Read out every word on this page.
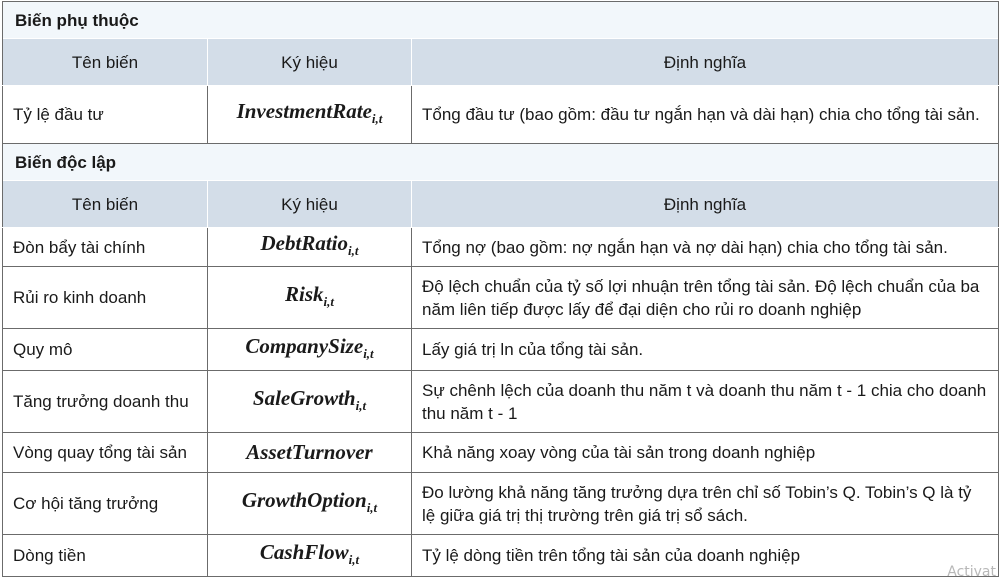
Biến phụ thuộc		
Tên biến	Ký hiệu	Định nghĩa
Tỷ lệ đầu tư	InvestmentRate$_{i,t}$	Tổng đầu tư (bao gồm: đầu tư ngắn hạn và dài hạn) chia cho tổng tài sản.
Biến độc lập		
Tên biến	Ký hiệu	Định nghĩa
Đòn bẩy tài chính	DebtRatio$_{i,t}$	Tổng nợ (bao gồm: nợ ngắn hạn và nợ dài hạn) chia cho tổng tài sản.
Rủi ro kinh doanh	Risk$_{i,t}$	Độ lệch chuẩn của tỷ số lợi nhuận trên tổng tài sản. Độ lệch chuẩn của ba năm liên tiếp được lấy để đại diện cho rủi ro doanh nghiệp
Quy mô	CompanySize$_{i,t}$	Lấy giá trị ln của tổng tài sản.
Tăng trưởng doanh thu	SaleGrowth$_{i,t}$	Sự chênh lệch của doanh thu năm t và doanh thu năm t - 1 chia cho doanh thu năm t - 1
Vòng quay tổng tài sản	AssetTurnover	Khả năng xoay vòng của tài sản trong doanh nghiệp
Cơ hội tăng trưởng	GrowthOption$_{i,t}$	Đo lường khả năng tăng trưởng dựa trên chỉ số Tobin’s Q. Tobin’s Q là tỷ lệ giữa giá trị thị trường trên giá trị sổ sách.
Dòng tiền	CashFlow$_{i,t}$	Tỷ lệ dòng tiền trên tổng tài sản của doanh nghiệp
Activat
